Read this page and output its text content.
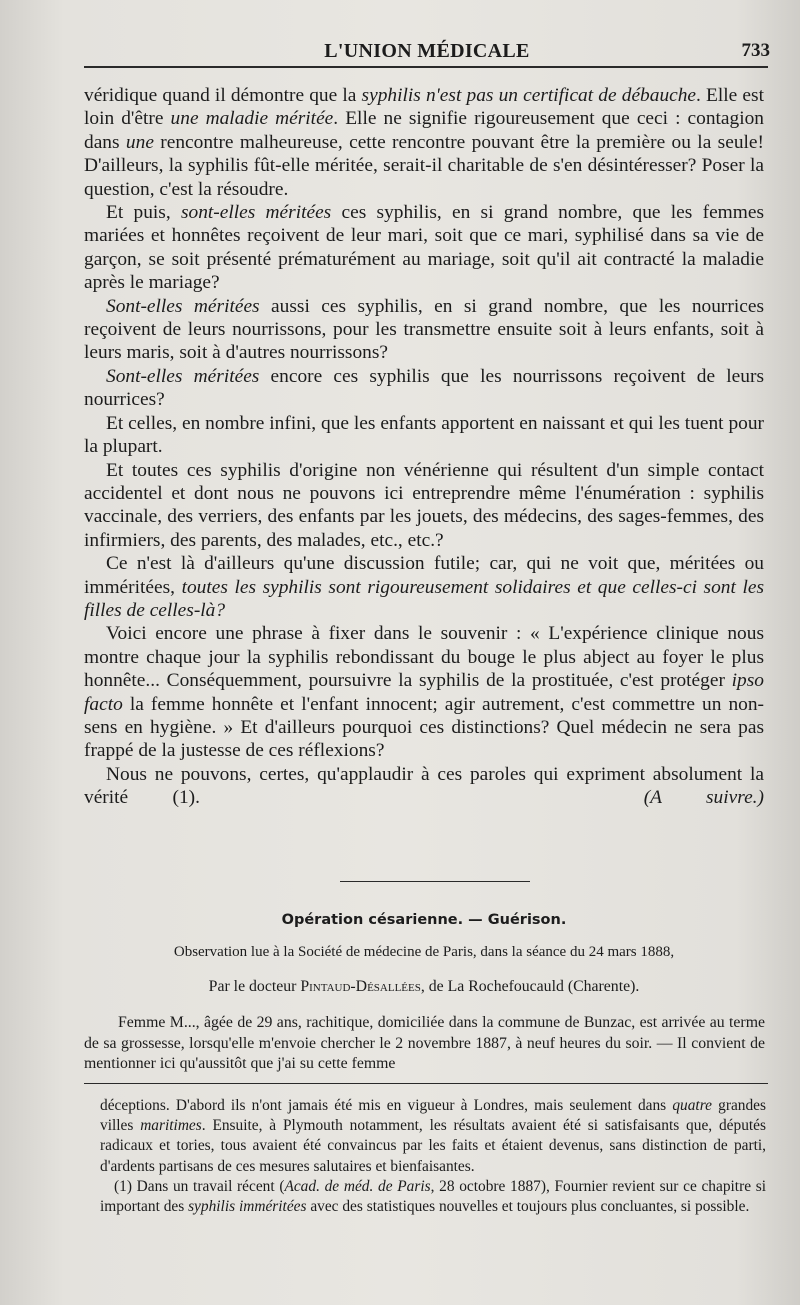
L'UNION MÉDICALE	733

véridique quand il démontre que la syphilis n'est pas un certificat de débauche. Elle est loin d'être une maladie méritée. Elle ne signifie rigoureusement que ceci : contagion dans une rencontre malheureuse, cette rencontre pouvant être la première ou la seule! D'ailleurs, la syphilis fût-elle méritée, serait-il charitable de s'en désintéresser? Poser la question, c'est la résoudre.

Et puis, sont-elles méritées ces syphilis, en si grand nombre, que les femmes mariées et honnêtes reçoivent de leur mari, soit que ce mari, syphilisé dans sa vie de garçon, se soit présenté prématurément au mariage, soit qu'il ait contracté la maladie après le mariage?

Sont-elles méritées aussi ces syphilis, en si grand nombre, que les nourrices reçoivent de leurs nourrissons, pour les transmettre ensuite soit à leurs enfants, soit à leurs maris, soit à d'autres nourrissons?

Sont-elles méritées encore ces syphilis que les nourrissons reçoivent de leurs nourrices?

Et celles, en nombre infini, que les enfants apportent en naissant et qui les tuent pour la plupart.

Et toutes ces syphilis d'origine non vénérienne qui résultent d'un simple contact accidentel et dont nous ne pouvons ici entreprendre même l'énumération : syphilis vaccinale, des verriers, des enfants par les jouets, des médecins, des sages-femmes, des infirmiers, des parents, des malades, etc., etc.?

Ce n'est là d'ailleurs qu'une discussion futile; car, qui ne voit que, méritées ou imméritées, toutes les syphilis sont rigoureusement solidaires et que celles-ci sont les filles de celles-là?

Voici encore une phrase à fixer dans le souvenir : « L'expérience clinique nous montre chaque jour la syphilis rebondissant du bouge le plus abject au foyer le plus honnête... Conséquemment, poursuivre la syphilis de la prostituée, c'est protéger ipso facto la femme honnête et l'enfant innocent; agir autrement, c'est commettre un non-sens en hygiène. » Et d'ailleurs pourquoi ces distinctions? Quel médecin ne sera pas frappé de la justesse de ces réflexions?

Nous ne pouvons, certes, qu'applaudir à ces paroles qui expriment absolument la vérité (1).	(A suivre.)

Opération césarienne. — Guérison.
Observation lue à la Société de médecine de Paris, dans la séance du 24 mars 1888,
Par le docteur Pintaud-Désallées, de La Rochefoucauld (Charente).

Femme M..., âgée de 29 ans, rachitique, domiciliée dans la commune de Bunzac, est arrivée au terme de sa grossesse, lorsqu'elle m'envoie chercher le 2 novembre 1887, à neuf heures du soir. — Il convient de mentionner ici qu'aussitôt que j'ai su cette femme

déceptions. D'abord ils n'ont jamais été mis en vigueur à Londres, mais seulement dans quatre grandes villes maritimes. Ensuite, à Plymouth notamment, les résultats avaient été si satisfaisants que, députés radicaux et tories, tous avaient été convaincus par les faits et étaient devenus, sans distinction de parti, d'ardents partisans de ces mesures salutaires et bienfaisantes.

(1) Dans un travail récent (Acad. de méd. de Paris, 28 octobre 1887), Fournier revient sur ce chapitre si important des syphilis imméritées avec des statistiques nouvelles et toujours plus concluantes, si possible.
